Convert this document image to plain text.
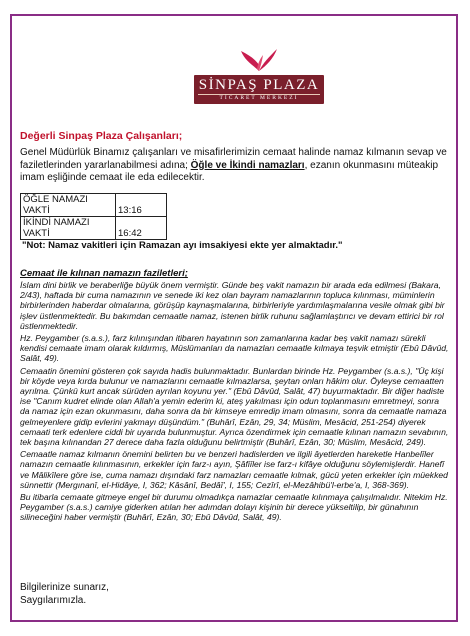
SİNPAŞ PLAZA
TİCARET MERKEZİ
Değerli Sinpaş Plaza Çalışanları;
Genel Müdürlük Binamız çalışanları ve misafirlerimizin cemaat halinde namaz kılmanın sevap ve faziletlerinden yararlanabilmesi adına; Öğle ve İkindi namazları, ezanın okunmasını müteakip imam eşliğinde cemaat ile eda edilecektir.
ÖĞLE NAMAZI VAKTİ	13:16
İKİNDİ NAMAZI VAKTİ	16:42
"Not: Namaz vakitleri için Ramazan ayı imsakiyesi ekte yer almaktadır."
Cemaat ile kılınan namazın faziletleri;

İslam dini birlik ve beraberliğe büyük önem vermiştir. Günde beş vakit namazın bir arada eda edilmesi (Bakara, 2/43), haftada bir cuma namazının ve senede iki kez olan bayram namazlarının topluca kılınması, müminlerin birbirlerinden haberdar olmalarına, görüşüp kaynaşmalarına, birbirleriyle yardımlaşmalarına vesile olmak gibi bir işlev üstlenmektedir. Bu bakımdan cemaatle namaz, istenen birlik ruhunu sağlamlaştırıcı ve devam ettirici bir rol üstlenmektedir.

Hz. Peygamber (s.a.s.), farz kılınışından itibaren hayatının son zamanlarına kadar beş vakit namazı sürekli kendisi cemaate imam olarak kıldırmış, Müslümanları da namazları cemaatle kılmaya teşvik etmiştir (Ebû Dâvûd, Salât, 49).

Cemaatin önemini gösteren çok sayıda hadis bulunmaktadır. Bunlardan birinde Hz. Peygamber (s.a.s.), "Üç kişi bir köyde veya kırda bulunur ve namazlarını cemaatle kılmazlarsa, şeytan onları hâkim olur. Öyleyse cemaatten ayrılma. Çünkü kurt ancak sürüden ayrılan koyunu yer." (Ebû Dâvûd, Salât, 47) buyurmaktadır. Bir diğer hadiste ise "Canım kudret elinde olan Allah'a yemin ederim ki, ateş yakılması için odun toplanmasını emretmeyi, sonra da namaz için ezan okunmasını, daha sonra da bir kimseye emredip imam olmasını, sonra da cemaatle namaza gelmeyenlere gidip evlerini yakmayı düşündüm." (Buhârî, Ezân, 29, 34; Müslim, Mesâcid, 251-254) diyerek cemaati terk edenlere ciddi bir uyarıda bulunmuştur. Ayrıca özendirmek için cemaatle kılınan namazın sevabının, tek başına kılınandan 27 derece daha fazla olduğunu belirtmiştir (Buhârî, Ezân, 30; Müslim, Mesâcid, 249).

Cemaatle namaz kılmanın önemini belirten bu ve benzeri hadislerden ve ilgili âyetlerden hareketle Hanbelîler namazın cemaatle kılınmasının, erkekler için farz-ı ayın, Şâfiîler ise farz-ı kifâye olduğunu söylemişlerdir. Hanefî ve Mâlikîlere göre ise, cuma namazı dışındaki farz namazları cemaatle kılmak, gücü yeten erkekler için müekked sünnettir (Mergınanî, el-Hidâye, I, 362; Kâsânî, Bedâî', I, 155; Cezîrî, el-Mezâhibü'l-erbe'a, I, 368-369).

Bu itibarla cemaate gitmeye engel bir durumu olmadıkça namazlar cemaatle kılınmaya çalışılmalıdır. Nitekim Hz. Peygamber (s.a.s.) camiye giderken atılan her adımdan dolayı kişinin bir derece yükseltilip, bir günahının silineceğini haber vermiştir (Buhârî, Ezân, 30; Ebû Dâvûd, Salât, 49).

Bilgilerinize sunarız,
Saygılarımızla.
